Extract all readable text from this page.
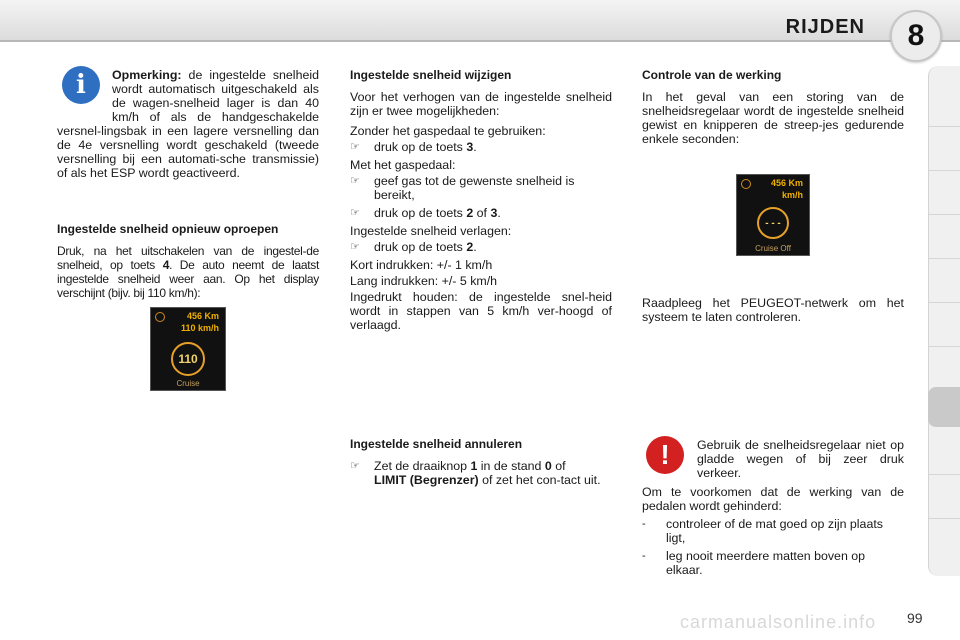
RIJDEN	8
i	Opmerking: de ingestelde snelheid wordt automatisch uitgeschakeld als de wagen-snelheid lager is dan 40 km/h of als de handgeschakelde versnel-lingsbak in een lagere versnelling dan de 4e versnelling wordt geschakeld (tweede versnelling bij een automati-sche transmissie) of als het ESP wordt geactiveerd.
Ingestelde snelheid opnieuw oproepen

Druk, na het uitschakelen van de ingestel-de snelheid, op toets 4. De auto neemt de laatst ingestelde snelheid weer aan. Op het display verschijnt (bijv. bij 110 km/h):

456 Km
110 km/h
110
Cruise
Ingestelde snelheid wijzigen

Voor het verhogen van de ingestelde snelheid zijn er twee mogelijkheden:

Zonder het gaspedaal te gebruiken:

☞	druk op de toets 3.

Met het gaspedaal:

☞	geef gas tot de gewenste snelheid is bereikt,
☞	druk op de toets 2 of 3.

Ingestelde snelheid verlagen:

☞	druk op de toets 2.

Kort indrukken: +/- 1 km/h

Lang indrukken: +/- 5 km/h

Ingedrukt houden: de ingestelde snel-heid wordt in stappen van 5 km/h ver-hoogd of verlaagd.

Ingestelde snelheid annuleren
☞	Zet de draaiknop 1 in de stand 0 of
LIMIT (Begrenzer) of zet het con-tact uit.
Controle van de werking

In het geval van een storing van de snelheidsregelaar wordt de ingestelde snelheid gewist en knipperen de streep-jes gedurende enkele seconden:

456 Km
km/h
- - -
Cruise Off

Raadpleeg het PEUGEOT-netwerk om het systeem te laten controleren.

!	Gebruik de snelheidsregelaar niet op gladde wegen of bij zeer druk verkeer.

Om te voorkomen dat de werking van de pedalen wordt gehinderd:

-	controleer of de mat goed op zijn plaats ligt,
-	leg nooit meerdere matten boven op elkaar.
carmanualsonline.info 99
